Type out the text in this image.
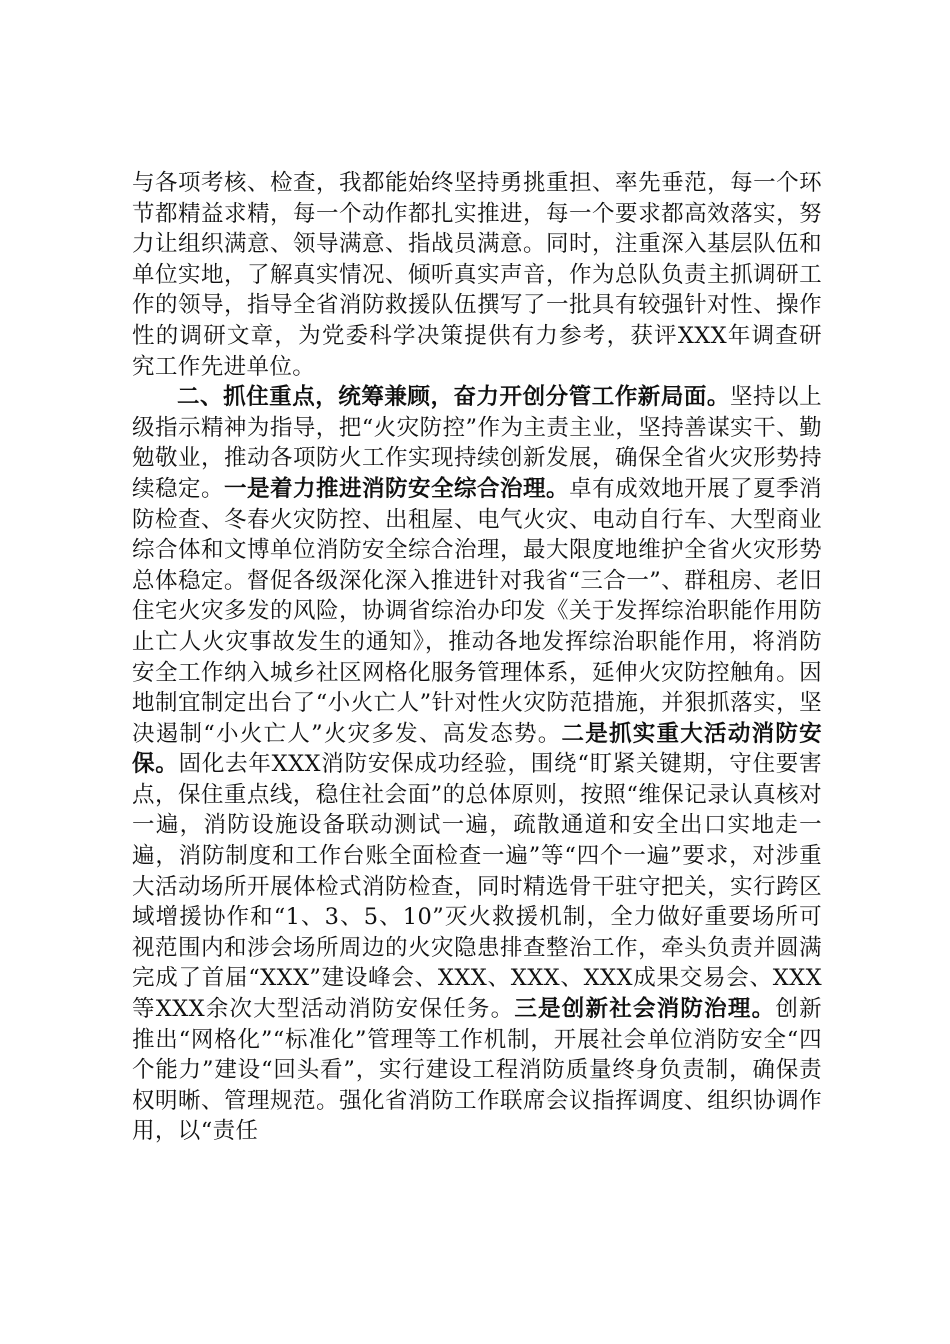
与各项考核、检查，我都能始终坚持勇挑重担、率先垂范，每一个环节都精益求精，每一个动作都扎实推进，每一个要求都高效落实，努力让组织满意、领导满意、指战员满意。同时，注重深入基层队伍和单位实地，了解真实情况、倾听真实声音，作为总队负责主抓调研工作的领导，指导全省消防救援队伍撰写了一批具有较强针对性、操作性的调研文章，为党委科学决策提供有力参考，获评XXX年调查研究工作先进单位。

二、抓住重点，统筹兼顾，奋力开创分管工作新局面。坚持以上级指示精神为指导，把“火灾防控”作为主责主业，坚持善谋实干、勤勉敬业，推动各项防火工作实现持续创新发展，确保全省火灾形势持续稳定。一是着力推进消防安全综合治理。卓有成效地开展了夏季消防检查、冬春火灾防控、出租屋、电气火灾、电动自行车、大型商业综合体和文博单位消防安全综合治理，最大限度地维护全省火灾形势总体稳定。督促各级深化深入推进针对我省“三合一”、群租房、老旧住宅火灾多发的风险，协调省综治办印发《关于发挥综治职能作用防止亡人火灾事故发生的通知》，推动各地发挥综治职能作用，将消防安全工作纳入城乡社区网格化服务管理体系，延伸火灾防控触角。因地制宜制定出台了“小火亡人”针对性火灾防范措施，并狠抓落实，坚决遏制“小火亡人”火灾多发、高发态势。二是抓实重大活动消防安保。固化去年XXX消防安保成功经验，围绕“盯紧关键期，守住要害点，保住重点线，稳住社会面”的总体原则，按照“维保记录认真核对一遍，消防设施设备联动测试一遍，疏散通道和安全出口实地走一遍，消防制度和工作台账全面检查一遍”等“四个一遍”要求，对涉重大活动场所开展体检式消防检查，同时精选骨干驻守把关，实行跨区域增援协作和“1、3、5、10”灭火救援机制，全力做好重要场所可视范围内和涉会场所周边的火灾隐患排查整治工作，牵头负责并圆满完成了首届“XXX”建设峰会、XXX、XXX、XXX成果交易会、XXX等XXX余次大型活动消防安保任务。三是创新社会消防治理。创新推出“网格化”“标准化”管理等工作机制，开展社会单位消防安全“四个能力”建设“回头看”，实行建设工程消防质量终身负责制，确保责权明晰、管理规范。强化省消防工作联席会议指挥调度、组织协调作用，以“责任
